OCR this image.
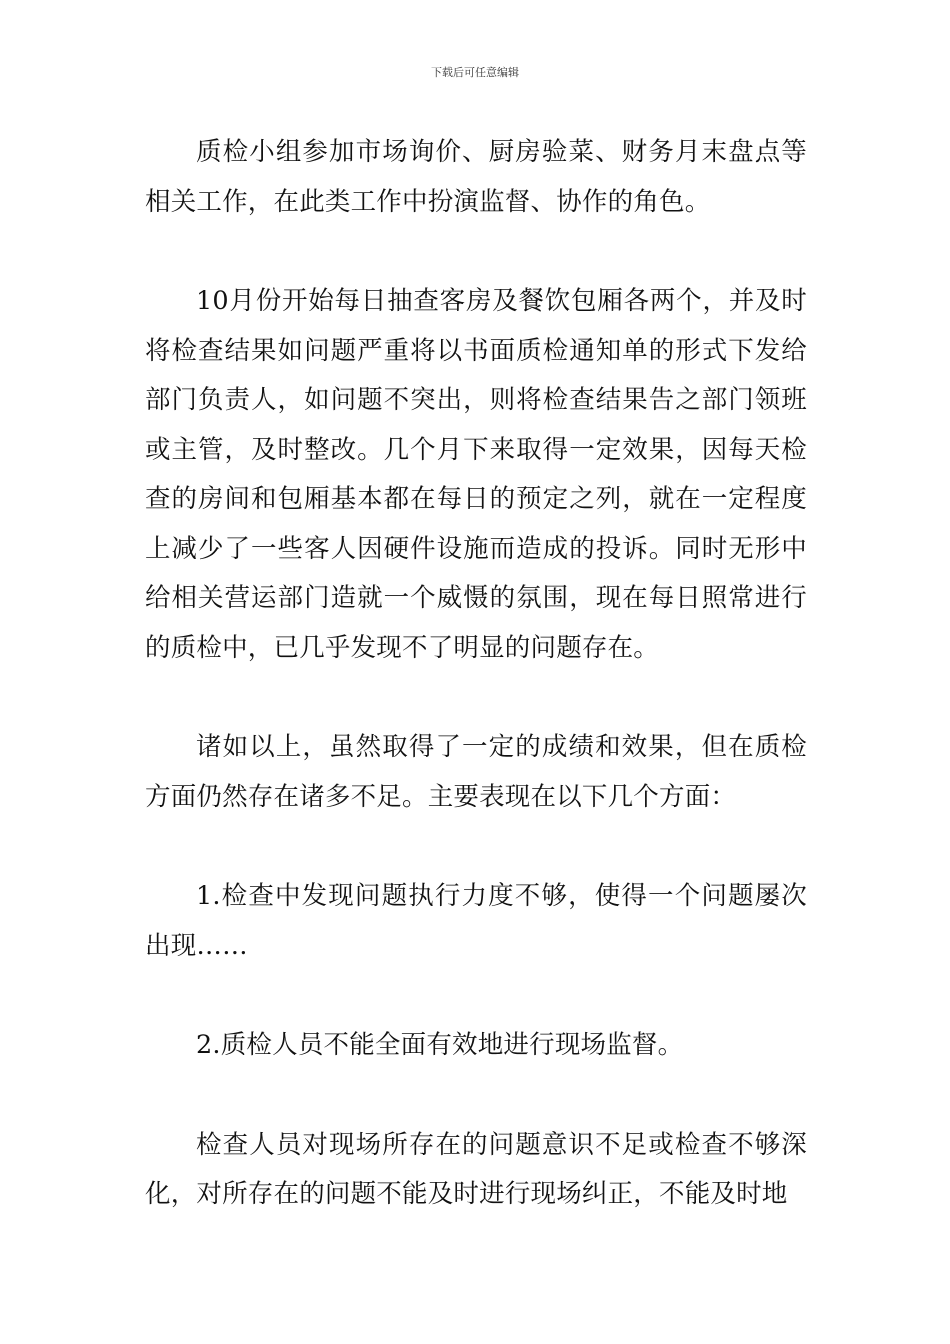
下载后可任意编辑

质检小组参加市场询价、厨房验菜、财务月末盘点等相关工作，在此类工作中扮演监督、协作的角色。

10月份开始每日抽查客房及餐饮包厢各两个，并及时将检查结果如问题严重将以书面质检通知单的形式下发给部门负责人，如问题不突出，则将检查结果告之部门领班或主管，及时整改。几个月下来取得一定效果，因每天检查的房间和包厢基本都在每日的预定之列，就在一定程度上减少了一些客人因硬件设施而造成的投诉。同时无形中给相关营运部门造就一个威慑的氛围，现在每日照常进行的质检中，已几乎发现不了明显的问题存在。

诸如以上，虽然取得了一定的成绩和效果，但在质检方面仍然存在诸多不足。主要表现在以下几个方面：

1.检查中发现问题执行力度不够，使得一个问题屡次出现……

2.质检人员不能全面有效地进行现场监督。

检查人员对现场所存在的问题意识不足或检查不够深化，对所存在的问题不能及时进行现场纠正，不能及时地
